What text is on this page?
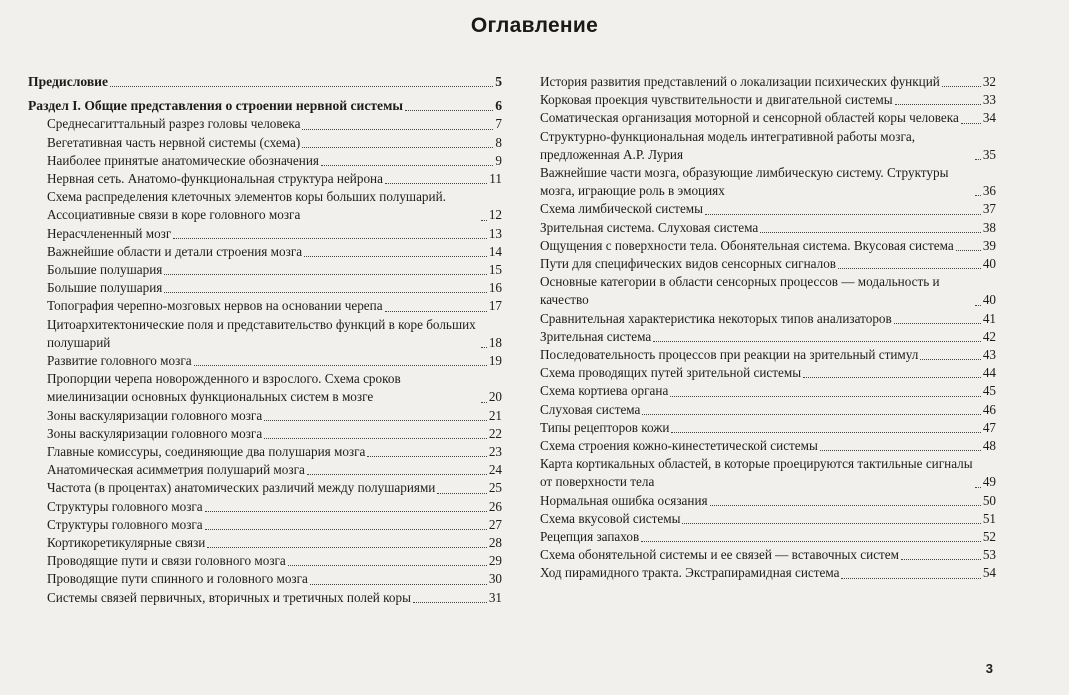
Оглавление
Предисловие	5
Раздел I. Общие представления о строении нервной системы	6
Среднесагиттальный разрез головы человека	7
Вегетативная часть нервной системы (схема)	8
Наиболее принятые анатомические обозначения	9
Нервная сеть. Анатомо-функциональная структура нейрона	11
Схема распределения клеточных элементов коры больших полушарий. Ассоциативные связи в коре головного мозга	12
Нерасчлененный мозг	13
Важнейшие области и детали строения мозга	14
Большие полушария	15
Большие полушария	16
Топография черепно-мозговых нервов на основании черепа	17
Цитоархитектонические поля и представительство функций в коре больших полушарий	18
Развитие головного мозга	19
Пропорции черепа новорожденного и взрослого. Схема сроков миелинизации основных функциональных систем в мозге	20
Зоны васкуляризации головного мозга	21
Зоны васкуляризации головного мозга	22
Главные комиссуры, соединяющие два полушария мозга	23
Анатомическая асимметрия полушарий мозга	24
Частота (в процентах) анатомических различий между полушариями	25
Структуры головного мозга	26
Структуры головного мозга	27
Кортикоретикулярные связи	28
Проводящие пути и связи головного мозга	29
Проводящие пути спинного и головного мозга	30
Системы связей первичных, вторичных и третичных полей коры	31
История развития представлений о локализации психических функций	32
Корковая проекция чувствительности и двигательной системы	33
Соматическая организация моторной и сенсорной областей коры человека 34
Структурно-функциональная модель интегративной работы мозга, предложенная А.Р. Лурия	35
Важнейшие части мозга, образующие лимбическую систему. Структуры мозга, играющие роль в эмоциях	36
Схема лимбической системы	37
Зрительная система. Слуховая система	38
Ощущения с поверхности тела. Обонятельная система. Вкусовая система 39
Пути для специфических видов сенсорных сигналов	40
Основные категории в области сенсорных процессов — модальность и качество	40
Сравнительная характеристика некоторых типов анализаторов	41
Зрительная система	42
Последовательность процессов при реакции на зрительный стимул	43
Схема проводящих путей зрительной системы	44
Схема кортиева органа	45
Слуховая система	46
Типы рецепторов кожи	47
Схема строения кожно-кинестетической системы	48
Карта кортикальных областей, в которые проецируются тактильные сигналы от поверхности тела	49
Нормальная ошибка осязания	50
Схема вкусовой системы	51
Рецепция запахов	52
Схема обонятельной системы и ее связей — вставочных систем	53
Ход пирамидного тракта. Экстрапирамидная система	54
3
